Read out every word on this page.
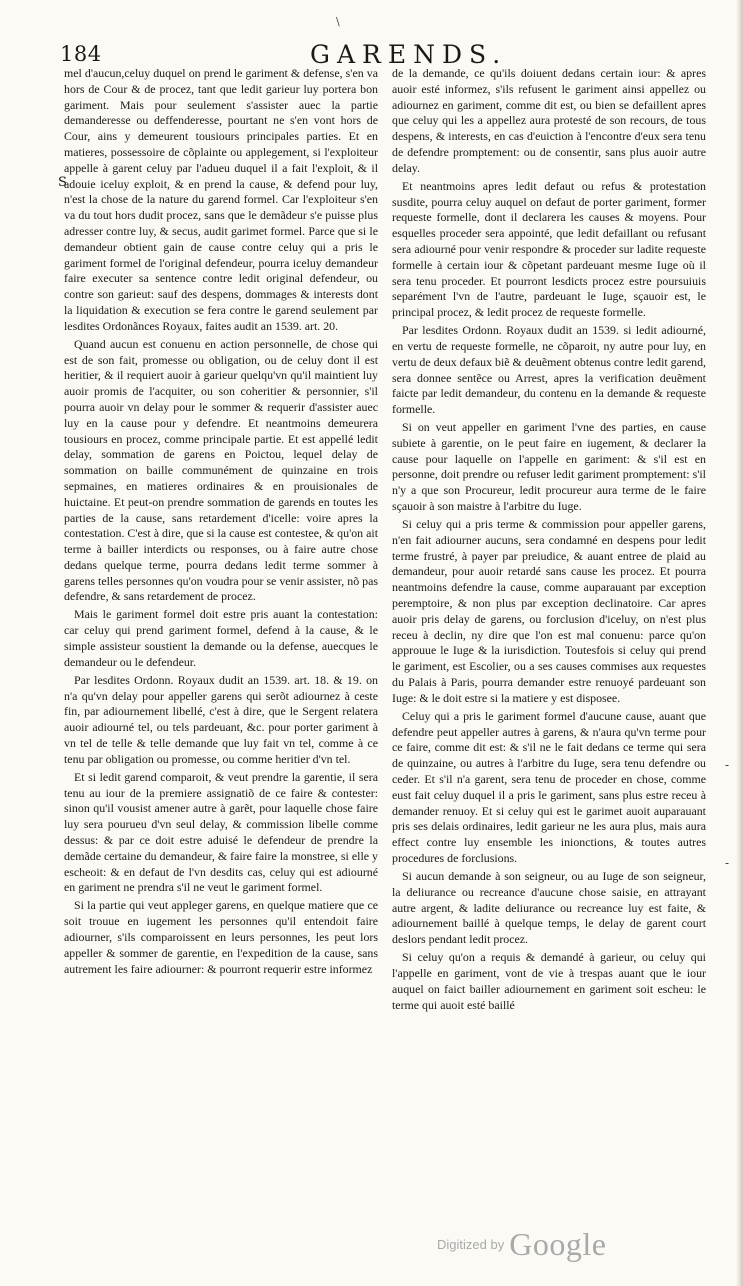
\
184	GARENDS.
S

mel d'aucun,celuy duquel on prend le gariment & defense, s'en va hors de Cour & de procez, tant que ledit garieur luy portera bon gariment. Mais pour seulement s'assister auec la partie demanderesse ou deffenderesse, pourtant ne s'en vont hors de Cour, ains y demeurent tousiours principales parties. Et en matieres, possessoire de cõplainte ou applegement, si l'exploiteur appelle à garent celuy par l'adueu duquel il a fait l'exploit, & il adouie iceluy exploit, & en prend la cause, & defend pour luy, n'est la chose de la nature du garend formel. Car l'exploiteur s'en va du tout hors dudit procez, sans que le demãdeur s'e puisse plus adresser contre luy, & secus, audit garimet formel. Parce que si le demandeur obtient gain de cause contre celuy qui a pris le gariment formel de l'original defendeur, pourra iceluy demandeur faire executer sa sentence contre ledit original defendeur, ou contre son garieut: sauf des despens, dommages & interests dont la liquidation & execution se fera contre le garend seulement par lesdites Ordonãnces Royaux, faites audit an 1539. art. 20.

Quand aucun est conuenu en action personnelle, de chose qui est de son fait, promesse ou obligation, ou de celuy dont il est heritier, & il requiert auoir à garieur quelqu'vn qu'il maintient luy auoir promis de l'acquiter, ou son coheritier & personnier, s'il pourra auoir vn delay pour le sommer & requerir d'assister auec luy en la cause pour y defendre. Et neantmoins demeurera tousiours en procez, comme principale partie. Et est appellé ledit delay, sommation de garens en Poictou, lequel delay de sommation on baille communément de quinzaine en trois sepmaines, en matieres ordinaires & en prouisionales de huictaine. Et peut-on prendre sommation de garends en toutes les parties de la cause, sans retardement d'icelle: voire apres la contestation. C'est à dire, que si la cause est contestee, & qu'on ait terme à bailler interdicts ou responses, ou à faire autre chose dedans quelque terme, pourra dedans ledit terme sommer à garens telles personnes qu'on voudra pour se venir assister, nõ pas defendre, & sans retardement de procez.

Mais le gariment formel doit estre pris auant la contestation: car celuy qui prend gariment formel, defend à la cause, & le simple assisteur soustient la demande ou la defense, auecques le demandeur ou le defendeur.

Par lesdites Ordonn. Royaux dudit an 1539. art. 18. & 19. on n'a qu'vn delay pour appeller garens qui serõt adiournez à ceste fin, par adiournement libellé, c'est à dire, que le Sergent relatera auoir adiourné tel, ou tels pardeuant, &c. pour porter gariment à vn tel de telle & telle demande que luy fait vn tel, comme à ce tenu par obligation ou promesse, ou comme heritier d'vn tel.

Et si ledit garend comparoit, & veut prendre la garentie, il sera tenu au iour de la premiere assignatiõ de ce faire & contester: sinon qu'il vousist amener autre à garẽt, pour laquelle chose faire luy sera pourueu d'vn seul delay, & commission libelle comme dessus: & par ce doit estre aduisé le defendeur de prendre la demãde certaine du demandeur, & faire faire la monstree, si elle y escheoit: & en defaut de l'vn desdits cas, celuy qui est adiourné en gariment ne prendra s'il ne veut le gariment formel.

Si la partie qui veut appleger garens, en quelque matiere que ce soit trouue en iugement les personnes qu'il entendoit faire adiourner, s'ils comparoissent en leurs personnes, les peut lors appeller & sommer de garentie, en l'expedition de la cause, sans autrement les faire adiourner: & pourront requerir estre informez

de la demande, ce qu'ils doiuent dedans certain iour: & apres auoir esté informez, s'ils refusent le gariment ainsi appellez ou adiournez en gariment, comme dit est, ou bien se defaillent apres que celuy qui les a appellez aura protesté de son recours, de tous despens, & interests, en cas d'euiction à l'encontre d'eux sera tenu de defendre promptement: ou de consentir, sans plus auoir autre delay.

Et neantmoins apres ledit defaut ou refus & protestation susdite, pourra celuy auquel on defaut de porter gariment, former requeste formelle, dont il declarera les causes & moyens. Pour esquelles proceder sera appointé, que ledit defaillant ou refusant sera adiourné pour venir respondre & proceder sur ladite requeste formelle à certain iour & cõpetant pardeuant mesme Iuge où il sera tenu proceder. Et pourront lesdicts procez estre poursuiuis separément l'vn de l'autre, pardeuant le Iuge, sçauoir est, le principal procez, & ledit procez de requeste formelle.

Par lesdites Ordonn. Royaux dudit an 1539. si ledit adiourné, en vertu de requeste formelle, ne cõparoit, ny autre pour luy, en vertu de deux defaux biẽ & deuẽment obtenus contre ledit garend, sera donnee sentẽce ou Arrest, apres la verification deuẽment faicte par ledit demandeur, du contenu en la demande & requeste formelle.

Si on veut appeller en gariment l'vne des parties, en cause subiete à garentie, on le peut faire en iugement, & declarer la cause pour laquelle on l'appelle en gariment: & s'il est en personne, doit prendre ou refuser ledit gariment promptement: s'il n'y a que son Procureur, ledit procureur aura terme de le faire sçauoir à son maistre à l'arbitre du Iuge.

Si celuy qui a pris terme & commission pour appeller garens, n'en fait adiourner aucuns, sera condamné en despens pour ledit terme frustré, à payer par preiudice, & auant entree de plaid au demandeur, pour auoir retardé sans cause les procez. Et pourra neantmoins defendre la cause, comme auparauant par exception peremptoire, & non plus par exception declinatoire. Car apres auoir pris delay de garens, ou forclusion d'iceluy, on n'est plus receu à declin, ny dire que l'on est mal conuenu: parce qu'on approuue le Iuge & la iurisdiction. Toutesfois si celuy qui prend le gariment, est Escolier, ou a ses causes commises aux requestes du Palais à Paris, pourra demander estre renuoyé pardeuant son Iuge: & le doit estre si la matiere y est disposee.

Celuy qui a pris le gariment formel d'aucune cause, auant que defendre peut appeller autres à garens, & n'aura qu'vn terme pour ce faire, comme dit est: & s'il ne le fait dedans ce terme qui sera de quinzaine, ou autres à l'arbitre du Iuge, sera tenu defendre ou ceder. Et s'il n'a garent, sera tenu de proceder en chose, comme eust fait celuy duquel il a pris le gariment, sans plus estre receu à demander renuoy. Et si celuy qui est le garimet auoit auparauant pris ses delais ordinaires, ledit garieur ne les aura plus, mais aura effect contre luy ensemble les inionctions, & toutes autres procedures de forclusions.

Si aucun demande à son seigneur, ou au Iuge de son seigneur, la deliurance ou recreance d'aucune chose saisie, en attrayant autre argent, & ladite deliurance ou recreance luy est faite, & adiournement baillé à quelque temps, le delay de garent court deslors pendant ledit procez.

Si celuy qu'on a requis & demandé à garieur, ou celuy qui l'appelle en gariment, vont de vie à trespas auant que le iour auquel on faict bailler adiournement en gariment soit escheu: le terme qui auoit esté baillé

-
-
$^{Digitized by}$ Google
